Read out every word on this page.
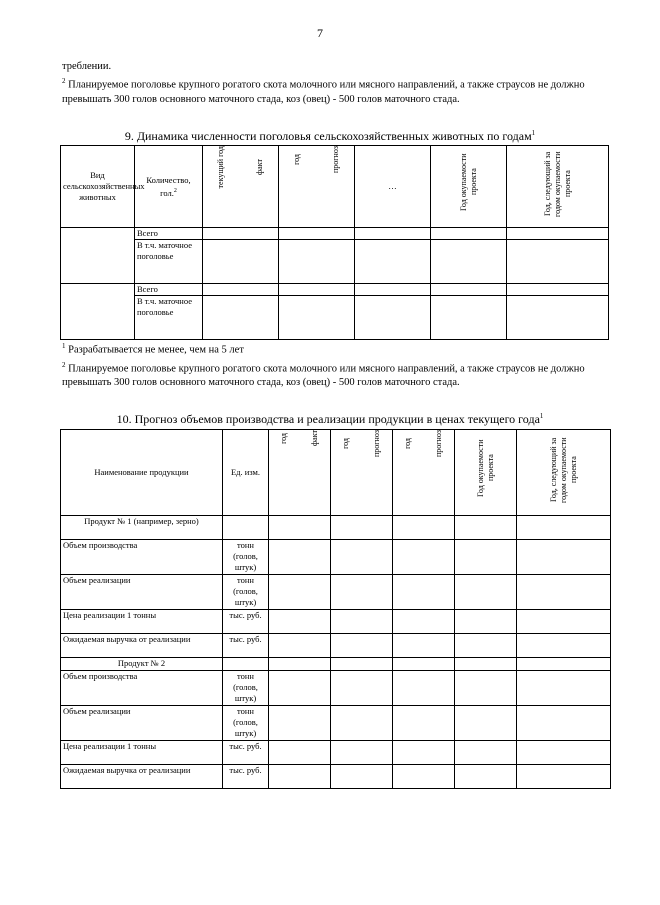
7
треблении.
$^2$ Планируемое поголовье крупного рогатого скота молочного или мясного направлений, а также страусов не должно превышать 300 голов основного маточного стада, коз (овец) - 500 голов маточного стада.
9. Динамика численности поголовья сельскохозяйственных животных по годам$^1$
Вид сельскохозяйственных животных	Количество, гол.$^2$	текущий год факт	год прогноз	…	Год окупаемости проекта	Год, следующий за годом окупаемости проекта

	Всего					
	В т.ч. маточное поголовье					
	Всего					
	В т.ч. маточное поголовье					
$^1$ Разрабатывается не менее, чем на 5 лет
$^2$ Планируемое поголовье крупного рогатого скота молочного или мясного направлений, а также страусов не должно превышать 300 голов основного маточного стада, коз (овец) - 500 голов маточного стада.
10. Прогноз объемов производства и реализации продукции в ценах текущего года$^1$
Наименование продукции	Ед. изм.	год факт	год прогноз	год прогноз	Год окупаемости проекта	Год, следующий за годом окупаемости проекта

Продукт № 1 (например, зерно)						
Объем производства	тонн (голов, штук)					
Объем реализации	тонн (голов, штук)					
Цена реализации 1 тонны	тыс. руб.					
Ожидаемая выручка от реализации	тыс. руб.					
Продукт № 2						
Объем производства	тонн (голов, штук)					
Объем реализации	тонн (голов, штук)					
Цена реализации 1 тонны	тыс. руб.					
Ожидаемая выручка от реализации	тыс. руб.					
